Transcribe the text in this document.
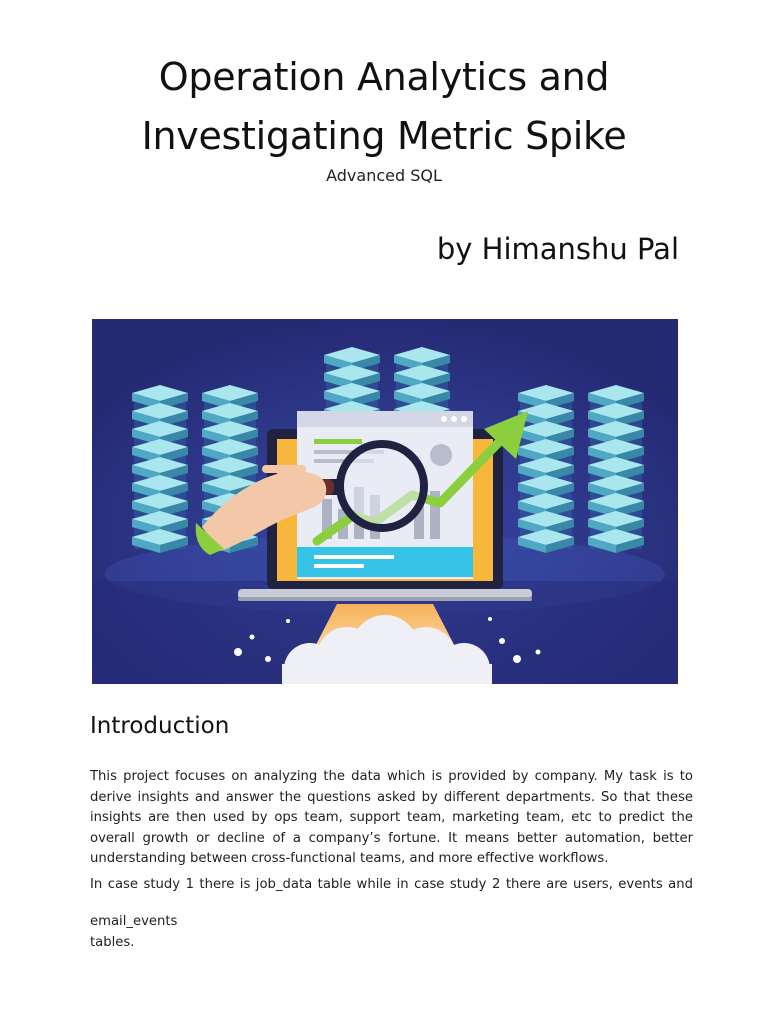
Operation Analytics and
Investigating Metric Spike
Advanced SQL
by Himanshu Pal
Introduction
This project focuses on analyzing the data which is provided by company. My task is to derive insights and answer the questions asked by different departments. So that these insights are then used by ops team, support team, marketing team, etc to predict the overall growth or decline of a company’s fortune. It means better automation, better understanding between cross-functional teams, and more effective workflows.
In case study 1 there is job_data table while in case study 2 there are users, events and
email_events
tables.
